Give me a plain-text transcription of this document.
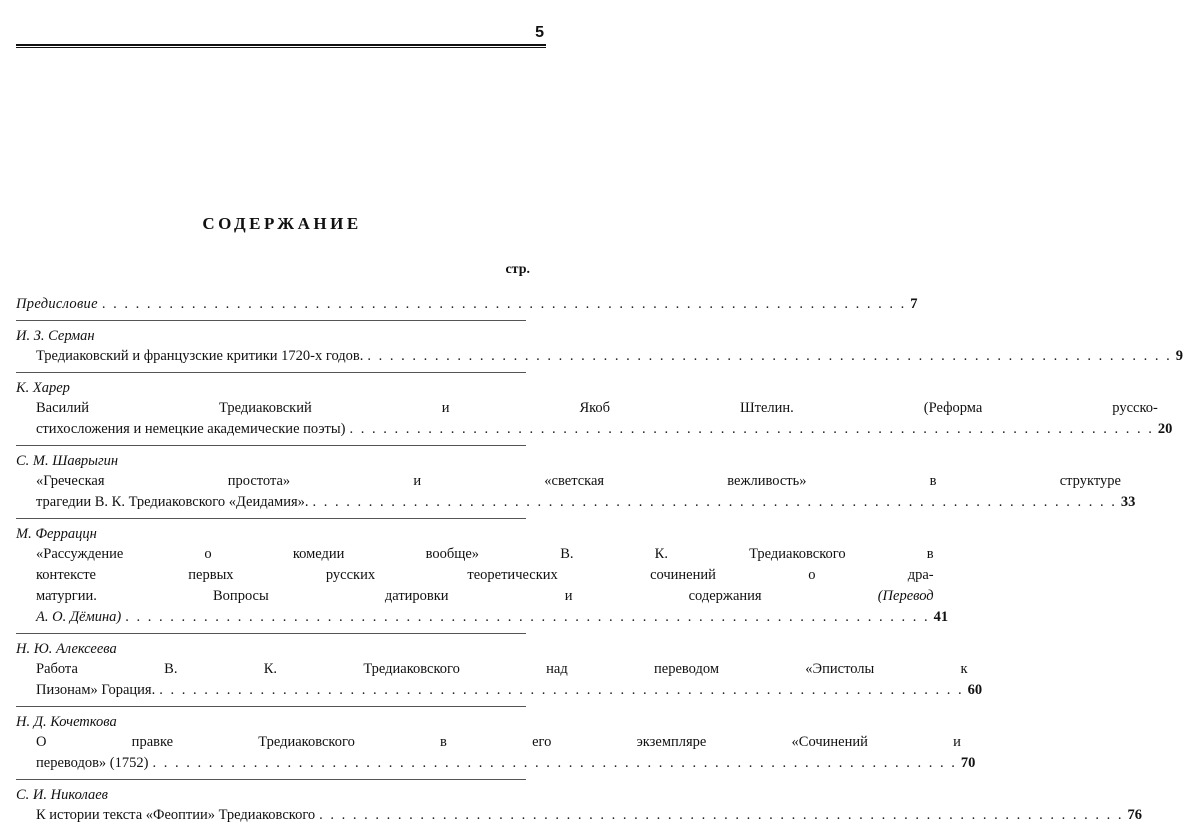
5
СОДЕРЖАНИЕ
стр.
Предисловие . . .	7
И. З. Серман
Тредиаковский и французские критики 1720-х годов. . . .	9
К. Харер
Василий Тредиаковский и Якоб Штелин. (Реформа русско-
стихосложения и немецкие академические поэты) . . .	20
С. М. Шаврыгин
«Греческая простота» и «светская вежливость» в структуре
трагедии В. К. Тредиаковского «Деидамия». . . .	33
М. Ферраццн
«Рассуждение о комедии вообще» В. К. Тредиаковского в
контексте первых русских теоретических сочинений о дра-
матургии. Вопросы датировки и содержания	(Перевод
А. О. Дёмина) . . .	41
Н. Ю. Алексеева
Работа В. К. Тредиаковского над переводом «Эпистолы к
Пизонам» Горация. . . .	60
Н. Д. Кочеткова
О правке Тредиаковского в его экземпляре «Сочинений и
переводов» (1752) . . .	70
С. И. Николаев
К истории текста «Феоптии» Тредиаковского . . .	76
